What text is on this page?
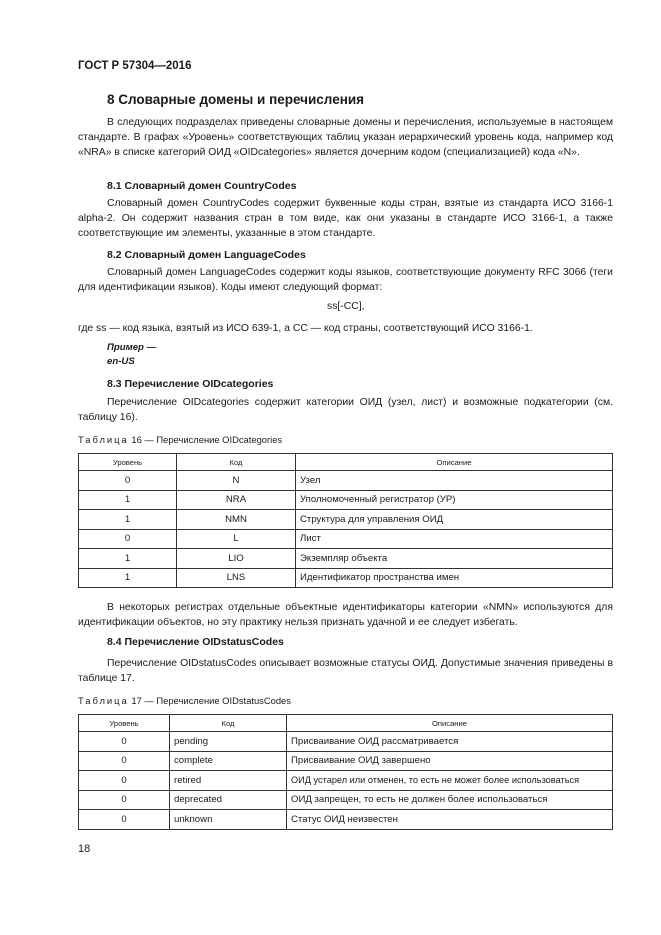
ГОСТ Р 57304—2016
8 Словарные домены и перечисления
В следующих подразделах приведены словарные домены и перечисления, используемые в настоящем стандарте. В графах «Уровень» соответствующих таблиц указан иерархический уровень кода, например код «NRA» в списке категорий ОИД «OIDcategories» является дочерним кодом (специализацией) кода «N».
8.1 Словарный домен CountryCodes
Словарный домен CountryCodes содержит буквенные коды стран, взятые из стандарта ИСО 3166-1 alpha-2. Он содержит названия стран в том виде, как они указаны в стандарте ИСО 3166-1, а также соответствующие им элементы, указанные в этом стандарте.
8.2 Словарный домен LanguageCodes
Словарный домен LanguageCodes содержит коды языков, соответствующие документу RFC 3066 (теги для идентификации языков). Коды имеют следующий формат:
ss[-CC],
где ss — код языка, взятый из ИСО 639-1, а CC — код страны, соответствующий ИСО 3166-1.
Пример —
en-US
8.3 Перечисление OIDcategories
Перечисление OIDcategories содержит категории ОИД (узел, лист) и возможные подкатегории (см. таблицу 16).
Таблица 16 — Перечисление OIDcategories
Уровень	Код	Описание
0	N	Узел
1	NRA	Уполномоченный регистратор (УР)
1	NMN	Структура для управления ОИД
0	L	Лист
1	LIO	Экземпляр объекта
1	LNS	Идентификатор пространства имен
В некоторых регистрах отдельные объектные идентификаторы категории «NMN» используются для идентификации объектов, но эту практику нельзя признать удачной и ее следует избегать.
8.4 Перечисление OIDstatusCodes
Перечисление OIDstatusCodes описывает возможные статусы ОИД. Допустимые значения приведены в таблице 17.
Таблица 17 — Перечисление OIDstatusCodes
Уровень	Код	Описание
0	pending	Присваивание ОИД рассматривается
0	complete	Присваивание ОИД завершено
0	retired	ОИД устарел или отменен, то есть не может более использоваться
0	deprecated	ОИД запрещен, то есть не должен более использоваться
0	unknown	Статус ОИД неизвестен
18
